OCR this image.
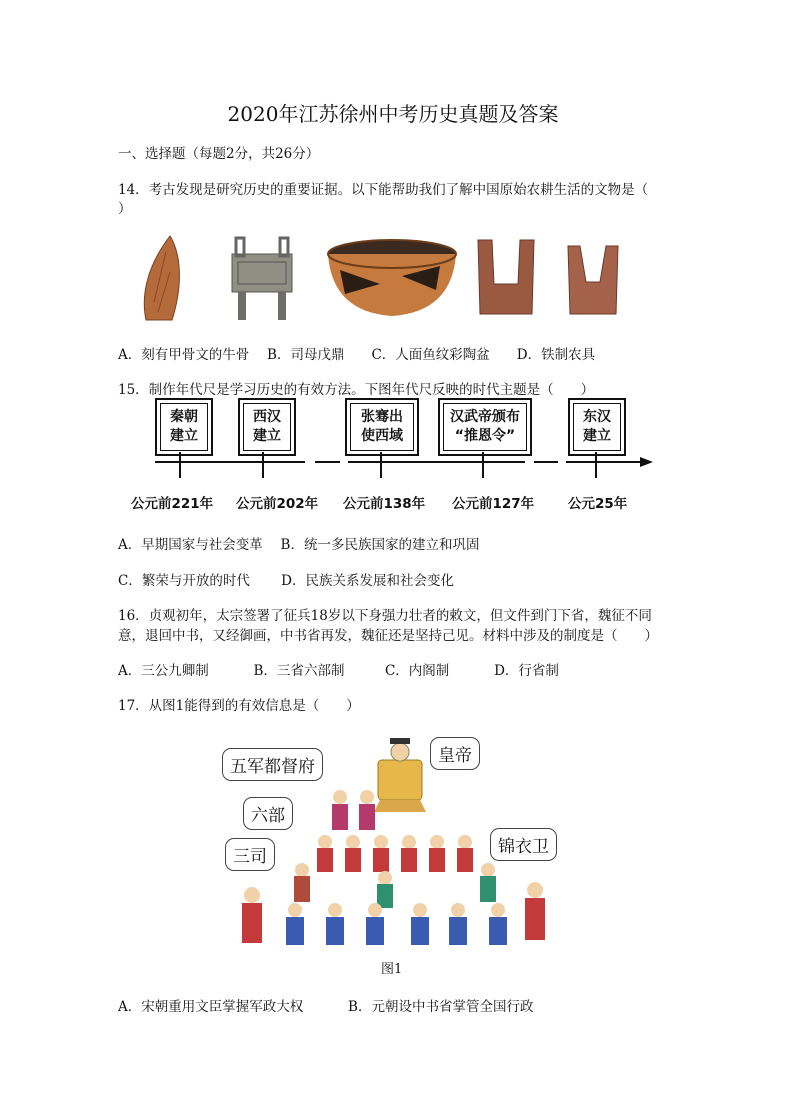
2020年江苏徐州中考历史真题及答案
一、选择题（每题2分，共26分）
14．考古发现是研究历史的重要证据。以下能帮助我们了解中国原始农耕生活的文物是（
）
A．刻有甲骨文的牛骨　 B．司母戊鼎　　C．人面鱼纹彩陶盆　　D．铁制农具
15．制作年代尺是学习历史的有效方法。下图年代尺反映的时代主题是（　　）
秦朝
建立
西汉
建立
张骞出
使西域
汉武帝颁布
“推恩令”
东汉
建立
公元前221年 公元前202年 公元前138年 公元前127年	公元25年
A．早期国家与社会变革　 B．统一多民族国家的建立和巩固
C．繁荣与开放的时代　　 D．民族关系发展和社会变化
16．贞观初年，太宗签署了征兵18岁以下身强力壮者的敕文，但文件到门下省，魏征不同
意，退回中书，又经御画，中书省再发，魏征还是坚持己见。材料中涉及的制度是（　　）
A．三公九卿制　　　 B．三省六部制　　　C．内阁制　　　 D．行省制
17．从图1能得到的有效信息是（　　）
皇帝
五军都督府
六部
三司	锦衣卫
图1
A．宋朝重用文臣掌握军政大权　　　 B．元朝设中书省掌管全国行政
